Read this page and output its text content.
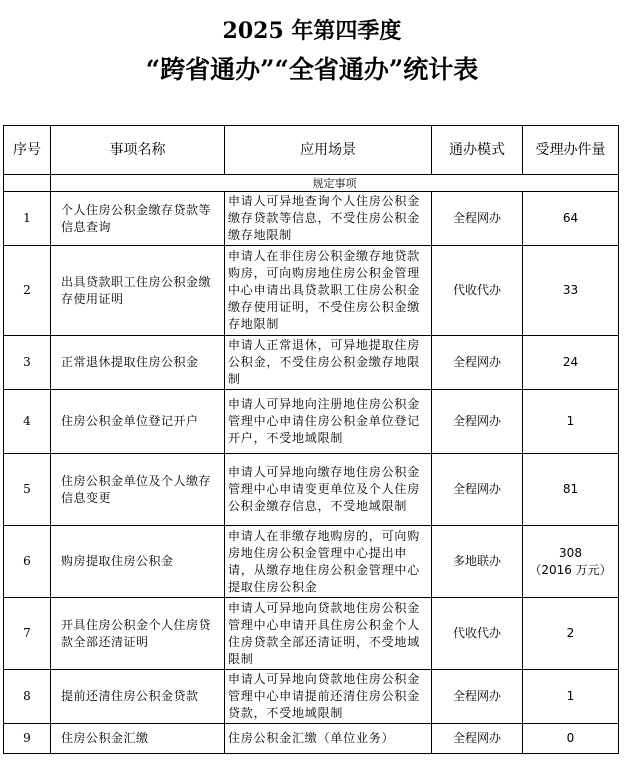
2025 年第四季度
“跨省通办”“全省通办”统计表
序号	事项名称	应用场景	通办模式	受理办件量
	规定事项			
1	个人住房公积金缴存贷款等信息查询	申请人可异地查询个人住房公积金缴存贷款等信息，不受住房公积金缴存地限制	全程网办	64
2	出具贷款职工住房公积金缴存使用证明	申请人在非住房公积金缴存地贷款购房，可向购房地住房公积金管理中心申请出具贷款职工住房公积金缴存使用证明，不受住房公积金缴存地限制	代收代办	33
3	正常退休提取住房公积金	申请人正常退休，可异地提取住房公积金，不受住房公积金缴存地限制	全程网办	24
4	住房公积金单位登记开户	申请人可异地向注册地住房公积金管理中心申请住房公积金单位登记开户，不受地域限制	全程网办	1
5	住房公积金单位及个人缴存信息变更	申请人可异地向缴存地住房公积金管理中心申请变更单位及个人住房公积金缴存信息，不受地域限制	全程网办	81
6	购房提取住房公积金	申请人在非缴存地购房的，可向购房地住房公积金管理中心提出申请，从缴存地住房公积金管理中心提取住房公积金	多地联办	308
（2016 万元）

7	开具住房公积金个人住房贷款全部还清证明	申请人可异地向贷款地住房公积金管理中心申请开具住房公积金个人住房贷款全部还清证明，不受地域限制	代收代办	2
8	提前还清住房公积金贷款	申请人可异地向贷款地住房公积金管理中心申请提前还清住房公积金贷款，不受地域限制	全程网办	1
9	住房公积金汇缴	住房公积金汇缴（单位业务）	全程网办	0
